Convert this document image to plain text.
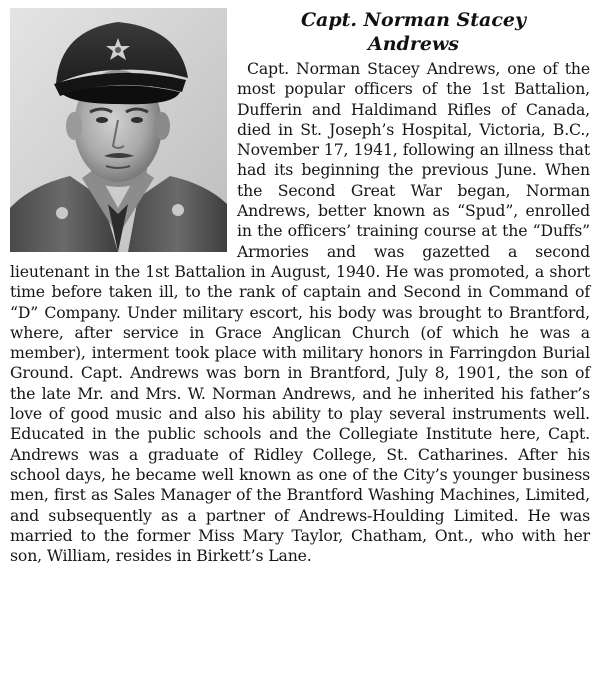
Capt. Norman Stacey
Andrews

Capt. Norman Stacey Andrews, one of the most popular officers of the 1st Battalion, Dufferin and Haldimand Rifles of Canada, died in St. Joseph’s Hospital, Victoria, B.C., November 17, 1941, following an illness that had its beginning the previous June. When the Second Great War began, Norman Andrews, better known as “Spud”, enrolled in the officers’ training course at the “Duffs” Armories and was gazetted a second lieutenant in the 1st Battalion in August, 1940. He was promoted, a short time before taken ill, to the rank of captain and Second in Command of “D” Company. Under military escort, his body was brought to Brantford, where, after service in Grace Anglican Church (of which he was a member), interment took place with military honors in Farringdon Burial Ground. Capt. Andrews was born in Brantford, July 8, 1901, the son of the late Mr. and Mrs. W. Norman Andrews, and he inherited his father’s love of good music and also his ability to play several instruments well. Educated in the public schools and the Collegiate Institute here, Capt. Andrews was a graduate of Ridley College, St. Catharines. After his school days, he became well known as one of the City’s younger business men, first as Sales Manager of the Brantford Washing Machines, Limited, and subsequently as a partner of Andrews-Houlding Limited. He was married to the former Miss Mary Taylor, Chatham, Ont., who with her son, William, resides in Birkett’s Lane.
